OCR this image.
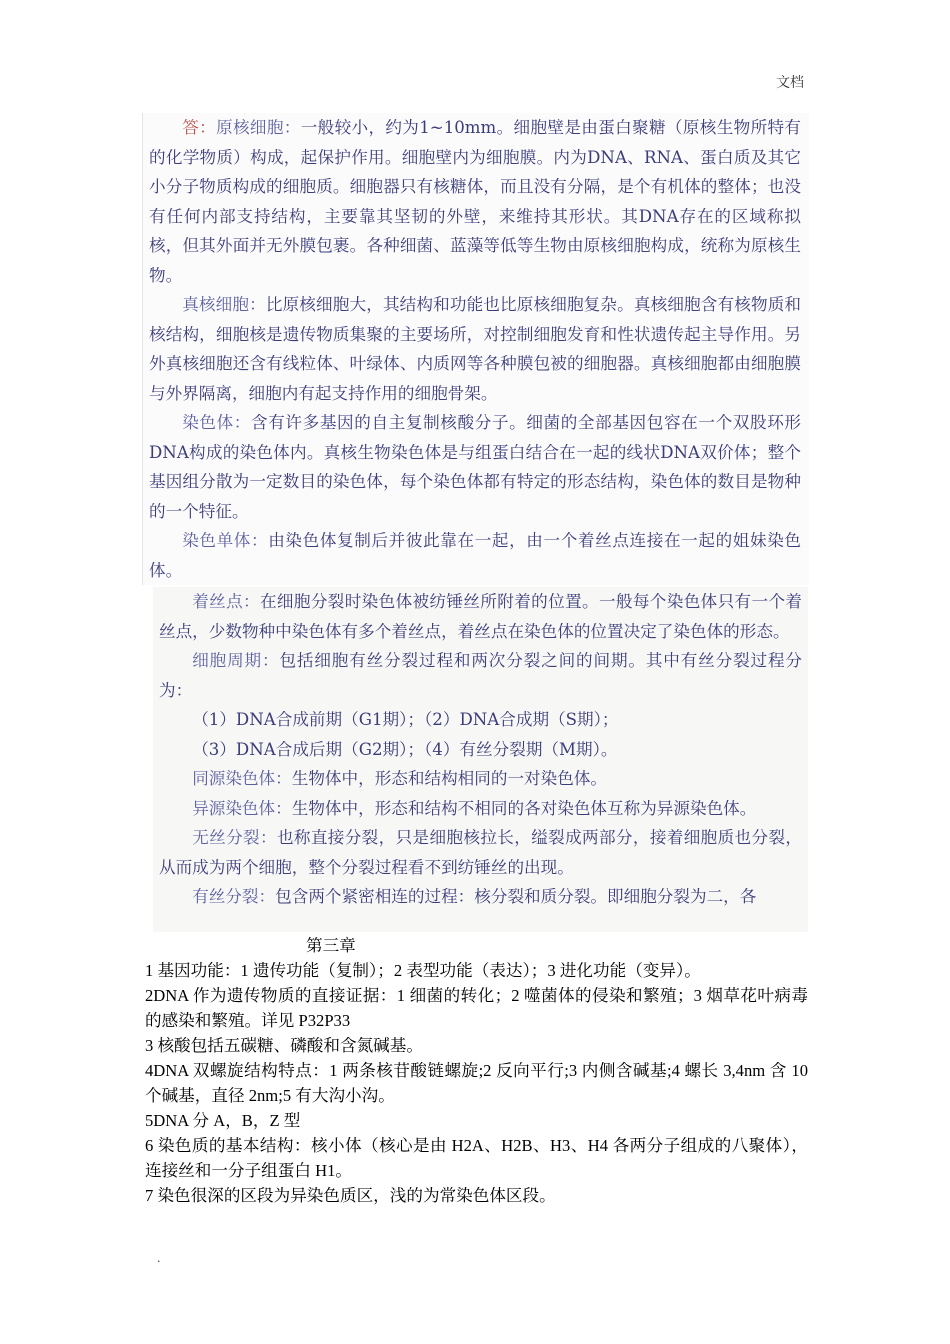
文档

答：原核细胞：一般较小，约为1~10mm。细胞壁是由蛋白聚糖（原核生物所特有的化学物质）构成，起保护作用。细胞壁内为细胞膜。内为DNA、RNA、蛋白质及其它小分子物质构成的细胞质。细胞器只有核糖体，而且没有分隔，是个有机体的整体；也没有任何内部支持结构，主要靠其坚韧的外壁，来维持其形状。其DNA存在的区域称拟核，但其外面并无外膜包裹。各种细菌、蓝藻等低等生物由原核细胞构成，统称为原核生物。

真核细胞：比原核细胞大，其结构和功能也比原核细胞复杂。真核细胞含有核物质和核结构，细胞核是遗传物质集聚的主要场所，对控制细胞发育和性状遗传起主导作用。另外真核细胞还含有线粒体、叶绿体、内质网等各种膜包被的细胞器。真核细胞都由细胞膜与外界隔离，细胞内有起支持作用的细胞骨架。

染色体：含有许多基因的自主复制核酸分子。细菌的全部基因包容在一个双股环形DNA构成的染色体内。真核生物染色体是与组蛋白结合在一起的线状DNA双价体；整个基因组分散为一定数目的染色体，每个染色体都有特定的形态结构，染色体的数目是物种的一个特征。

染色单体：由染色体复制后并彼此靠在一起，由一个着丝点连接在一起的姐妹染色体。

着丝点：在细胞分裂时染色体被纺锤丝所附着的位置。一般每个染色体只有一个着丝点，少数物种中染色体有多个着丝点，着丝点在染色体的位置决定了染色体的形态。

细胞周期：包括细胞有丝分裂过程和两次分裂之间的间期。其中有丝分裂过程分为：

（1）DNA合成前期（G1期）；（2）DNA合成期（S期）；

（3）DNA合成后期（G2期）；（4）有丝分裂期（M期）。

同源染色体：生物体中，形态和结构相同的一对染色体。

异源染色体：生物体中，形态和结构不相同的各对染色体互称为异源染色体。

无丝分裂：也称直接分裂，只是细胞核拉长，缢裂成两部分，接着细胞质也分裂，从而成为两个细胞，整个分裂过程看不到纺锤丝的出现。

有丝分裂：包含两个紧密相连的过程：核分裂和质分裂。即细胞分裂为二，各

第三章

1 基因功能：1 遗传功能（复制）；2 表型功能（表达）；3 进化功能（变异）。

2DNA 作为遗传物质的直接证据：1 细菌的转化；2 噬菌体的侵染和繁殖；3 烟草花叶病毒的感染和繁殖。详见 P32P33

3 核酸包括五碳糖、磷酸和含氮碱基。

4DNA 双螺旋结构特点：1 两条核苷酸链螺旋;2 反向平行;3 内侧含碱基;4 螺长 3,4nm 含 10 个碱基，直径 2nm;5 有大沟小沟。

5DNA 分 A，B，Z 型

6 染色质的基本结构：核小体（核心是由 H2A、H2B、H3、H4 各两分子组成的八聚体），连接丝和一分子组蛋白 H1。

7 染色很深的区段为异染色质区，浅的为常染色体区段。

.
